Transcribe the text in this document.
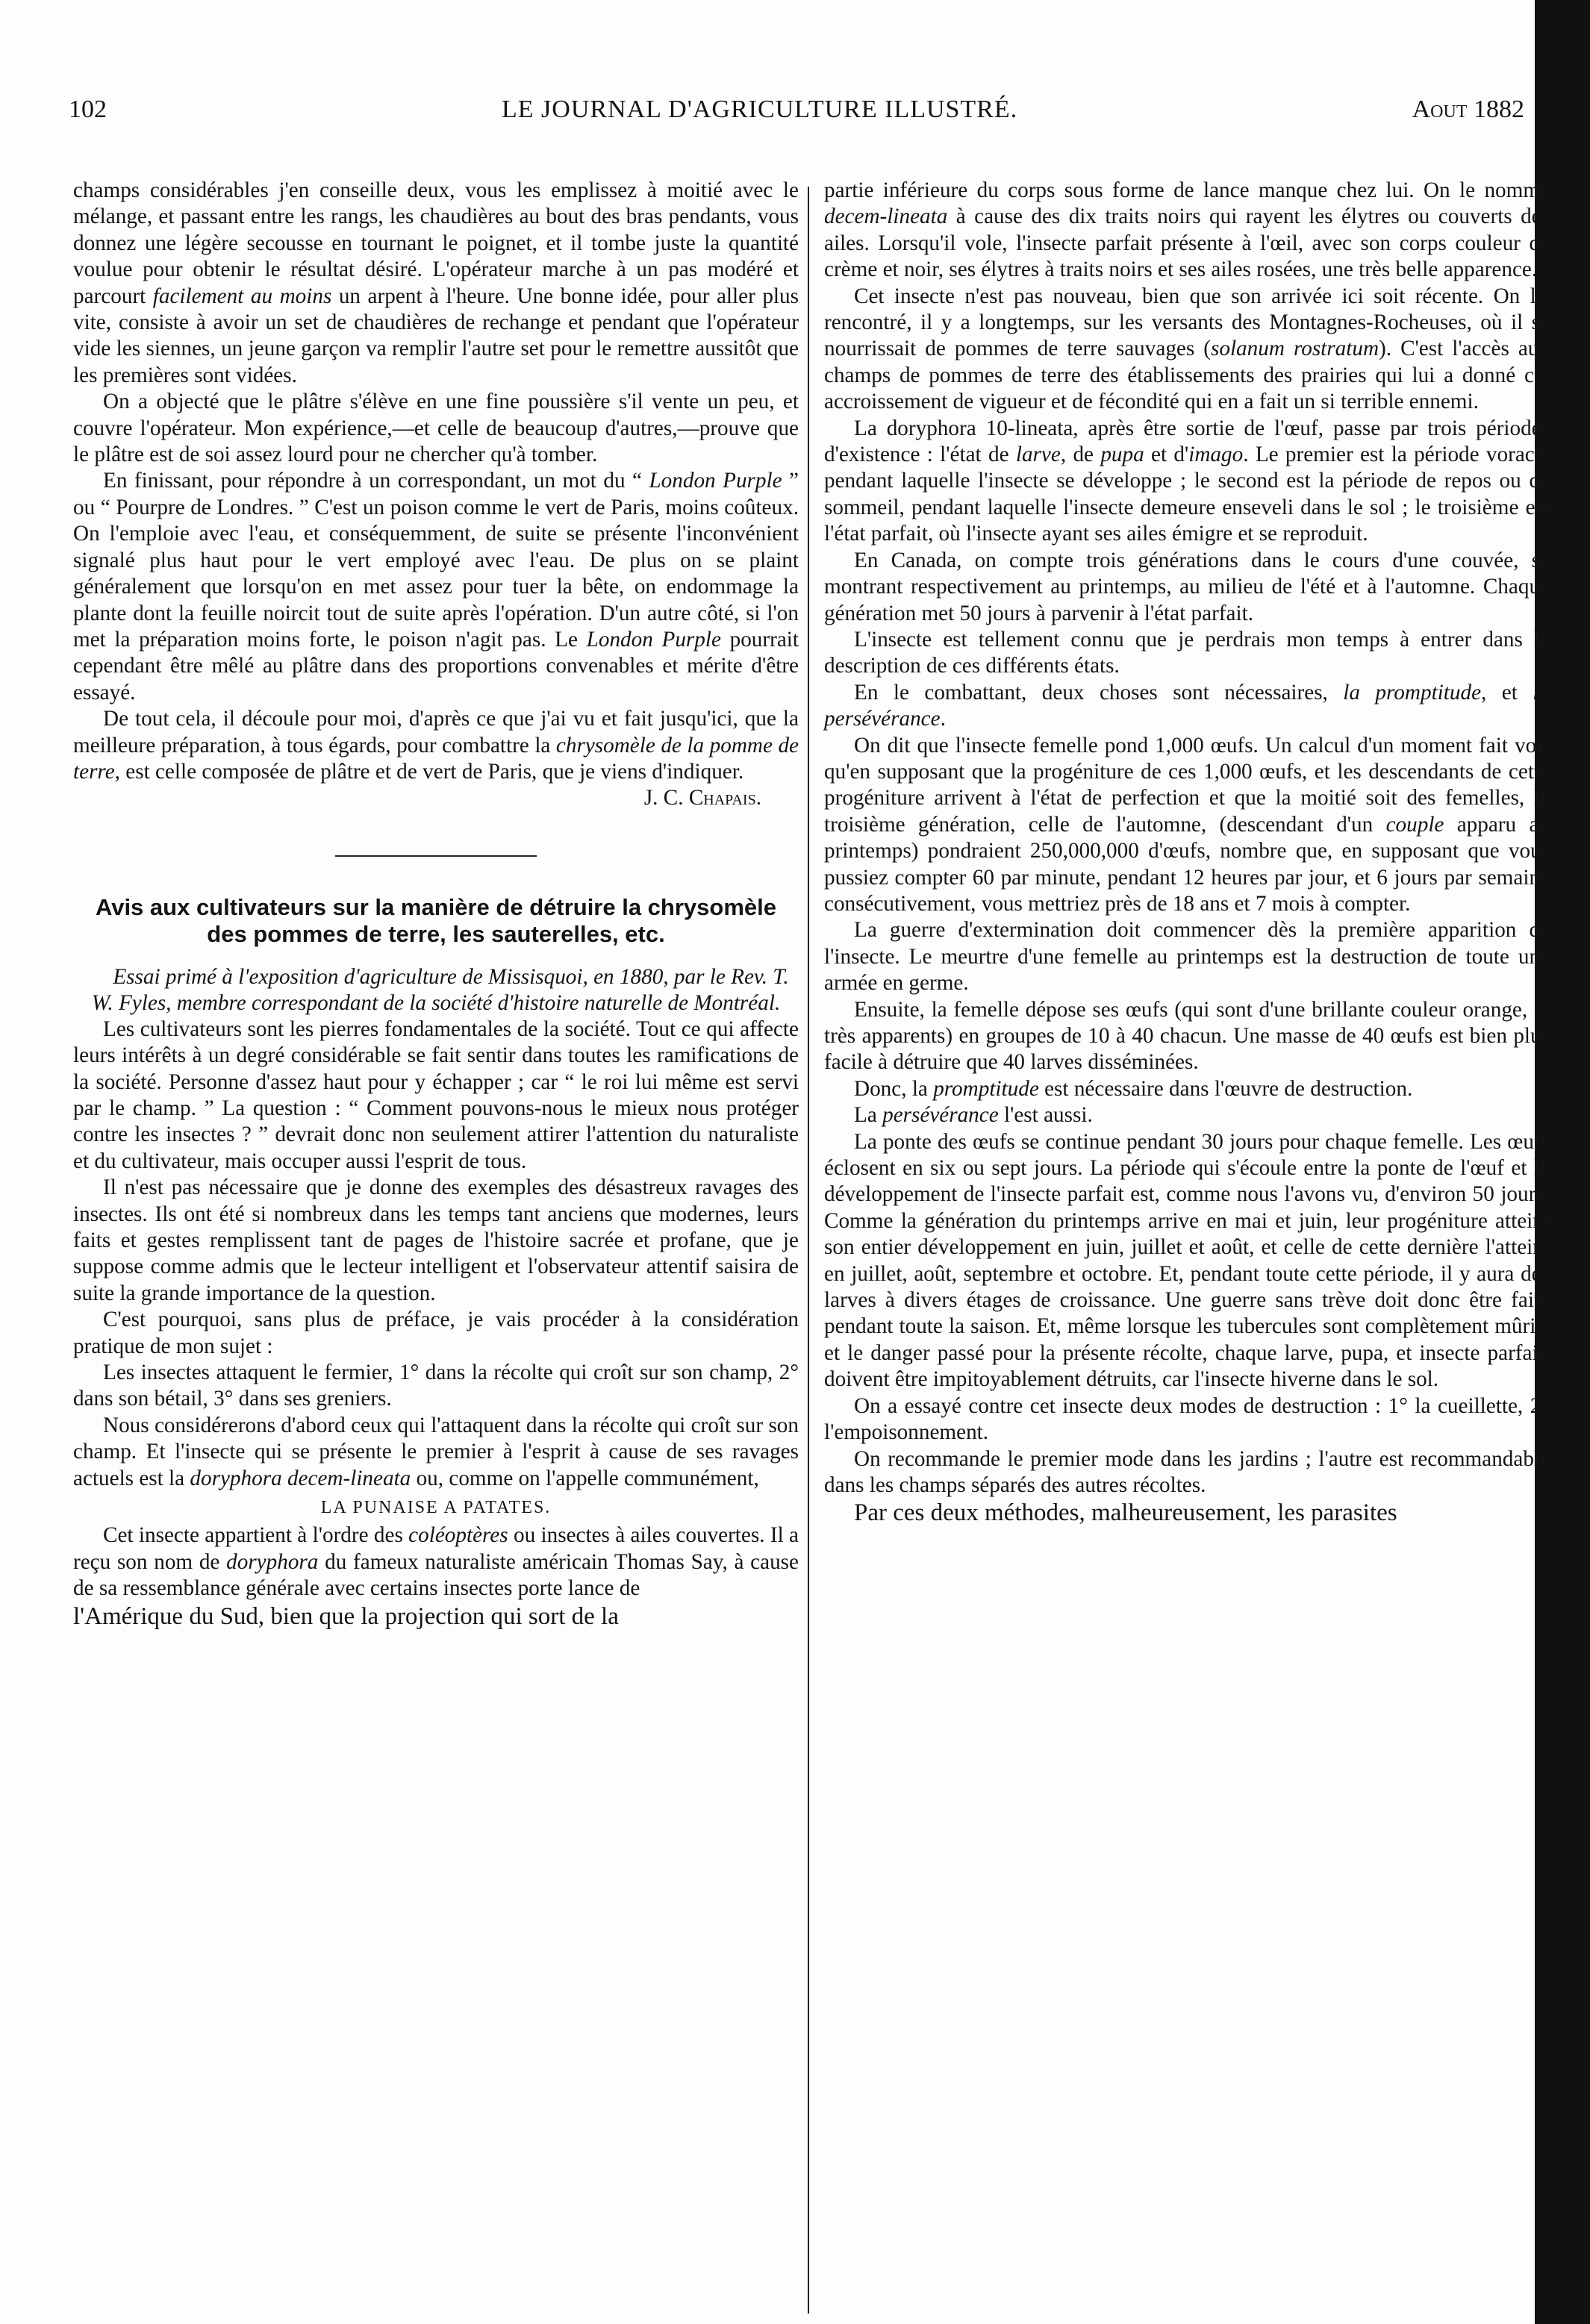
102	LE JOURNAL D'AGRICULTURE ILLUSTRÉ.	Aout 1882

champs considérables j'en conseille deux, vous les emplissez à moitié avec le mélange, et passant entre les rangs, les chaudières au bout des bras pendants, vous donnez une légère secousse en tournant le poignet, et il tombe juste la quantité voulue pour obtenir le résultat désiré. L'opérateur marche à un pas modéré et parcourt facilement au moins un arpent à l'heure. Une bonne idée, pour aller plus vite, consiste à avoir un set de chaudières de rechange et pendant que l'opérateur vide les siennes, un jeune garçon va remplir l'autre set pour le remettre aussitôt que les premières sont vidées.

On a objecté que le plâtre s'élève en une fine poussière s'il vente un peu, et couvre l'opérateur. Mon expérience,—et celle de beaucoup d'autres,—prouve que le plâtre est de soi assez lourd pour ne chercher qu'à tomber.

En finissant, pour répondre à un correspondant, un mot du “ London Purple ” ou “ Pourpre de Londres. ” C'est un poison comme le vert de Paris, moins coûteux. On l'emploie avec l'eau, et conséquemment, de suite se présente l'inconvénient signalé plus haut pour le vert employé avec l'eau. De plus on se plaint généralement que lorsqu'on en met assez pour tuer la bête, on endommage la plante dont la feuille noircit tout de suite après l'opération. D'un autre côté, si l'on met la préparation moins forte, le poison n'agit pas. Le London Purple pourrait cependant être mêlé au plâtre dans des proportions convenables et mérite d'être essayé.

De tout cela, il découle pour moi, d'après ce que j'ai vu et fait jusqu'ici, que la meilleure préparation, à tous égards, pour combattre la chrysomèle de la pomme de terre, est celle composée de plâtre et de vert de Paris, que je viens d'indiquer.

J. C. Chapais.

Avis aux cultivateurs sur la manière de détruire la chrysomèle des pommes de terre, les sauterelles, etc.

Essai primé à l'exposition d'agriculture de Missisquoi, en 1880, par le Rev. T. W. Fyles, membre correspondant de la société d'histoire naturelle de Montréal.

Les cultivateurs sont les pierres fondamentales de la société. Tout ce qui affecte leurs intérêts à un degré considérable se fait sentir dans toutes les ramifications de la société. Personne d'assez haut pour y échapper ; car “ le roi lui même est servi par le champ. ” La question : “ Comment pouvons-nous le mieux nous protéger contre les insectes ? ” devrait donc non seulement attirer l'attention du naturaliste et du cultivateur, mais occuper aussi l'esprit de tous.

Il n'est pas nécessaire que je donne des exemples des désastreux ravages des insectes. Ils ont été si nombreux dans les temps tant anciens que modernes, leurs faits et gestes remplissent tant de pages de l'histoire sacrée et profane, que je suppose comme admis que le lecteur intelligent et l'observateur attentif saisira de suite la grande importance de la question.

C'est pourquoi, sans plus de préface, je vais procéder à la considération pratique de mon sujet :

Les insectes attaquent le fermier, 1° dans la récolte qui croît sur son champ, 2° dans son bétail, 3° dans ses greniers.

Nous considérerons d'abord ceux qui l'attaquent dans la récolte qui croît sur son champ. Et l'insecte qui se présente le premier à l'esprit à cause de ses ravages actuels est la doryphora decem-lineata ou, comme on l'appelle communément,

LA PUNAISE A PATATES.

Cet insecte appartient à l'ordre des coléoptères ou insectes à ailes couvertes. Il a reçu son nom de doryphora du fameux naturaliste américain Thomas Say, à cause de sa ressemblance générale avec certains insectes porte lance de

l'Amérique du Sud, bien que la projection qui sort de la

partie inférieure du corps sous forme de lance manque chez lui. On le nomme decem-lineata à cause des dix traits noirs qui rayent les élytres ou couverts des ailes. Lorsqu'il vole, l'insecte parfait présente à l'œil, avec son corps couleur de crème et noir, ses élytres à traits noirs et ses ailes rosées, une très belle apparence.

Cet insecte n'est pas nouveau, bien que son arrivée ici soit récente. On l'a rencontré, il y a longtemps, sur les versants des Montagnes-Rocheuses, où il se nourrissait de pommes de terre sauvages (solanum rostratum). C'est l'accès aux champs de pommes de terre des établissements des prairies qui lui a donné cet accroissement de vigueur et de fécondité qui en a fait un si terrible ennemi.

La doryphora 10-lineata, après être sortie de l'œuf, passe par trois périodes d'existence : l'état de larve, de pupa et d'imago. Le premier est la période vorace, pendant laquelle l'insecte se développe ; le second est la période de repos ou de sommeil, pendant laquelle l'insecte demeure enseveli dans le sol ; le troisième est l'état parfait, où l'insecte ayant ses ailes émigre et se reproduit.

En Canada, on compte trois générations dans le cours d'une couvée, se montrant respectivement au printemps, au milieu de l'été et à l'automne. Chaque génération met 50 jours à parvenir à l'état parfait.

L'insecte est tellement connu que je perdrais mon temps à entrer dans la description de ces différents états.

En le combattant, deux choses sont nécessaires, la promptitude, et la persévérance.

On dit que l'insecte femelle pond 1,000 œufs. Un calcul d'un moment fait voir qu'en supposant que la progéniture de ces 1,000 œufs, et les descendants de cette progéniture arrivent à l'état de perfection et que la moitié soit des femelles, la troisième génération, celle de l'automne, (descendant d'un couple apparu au printemps) pondraient 250,000,000 d'œufs, nombre que, en supposant que vous pussiez compter 60 par minute, pendant 12 heures par jour, et 6 jours par semaine consécutivement, vous mettriez près de 18 ans et 7 mois à compter.

La guerre d'extermination doit commencer dès la première apparition de l'insecte. Le meurtre d'une femelle au printemps est la destruction de toute une armée en germe.

Ensuite, la femelle dépose ses œufs (qui sont d'une brillante couleur orange, et très apparents) en groupes de 10 à 40 chacun. Une masse de 40 œufs est bien plus facile à détruire que 40 larves disséminées.

Donc, la promptitude est nécessaire dans l'œuvre de destruction.

La persévérance l'est aussi.

La ponte des œufs se continue pendant 30 jours pour chaque femelle. Les œufs éclosent en six ou sept jours. La période qui s'écoule entre la ponte de l'œuf et le développement de l'insecte parfait est, comme nous l'avons vu, d'environ 50 jours. Comme la génération du printemps arrive en mai et juin, leur progéniture atteint son entier développement en juin, juillet et août, et celle de cette dernière l'atteint en juillet, août, septembre et octobre. Et, pendant toute cette période, il y aura des larves à divers étages de croissance. Une guerre sans trève doit donc être faite pendant toute la saison. Et, même lorsque les tubercules sont complètement mûris, et le danger passé pour la présente récolte, chaque larve, pupa, et insecte parfait, doivent être impitoyablement détruits, car l'insecte hiverne dans le sol.

On a essayé contre cet insecte deux modes de destruction : 1° la cueillette, 2° l'empoisonnement.

On recommande le premier mode dans les jardins ; l'autre est recommandable dans les champs séparés des autres récoltes.

Par ces deux méthodes, malheureusement, les parasites
